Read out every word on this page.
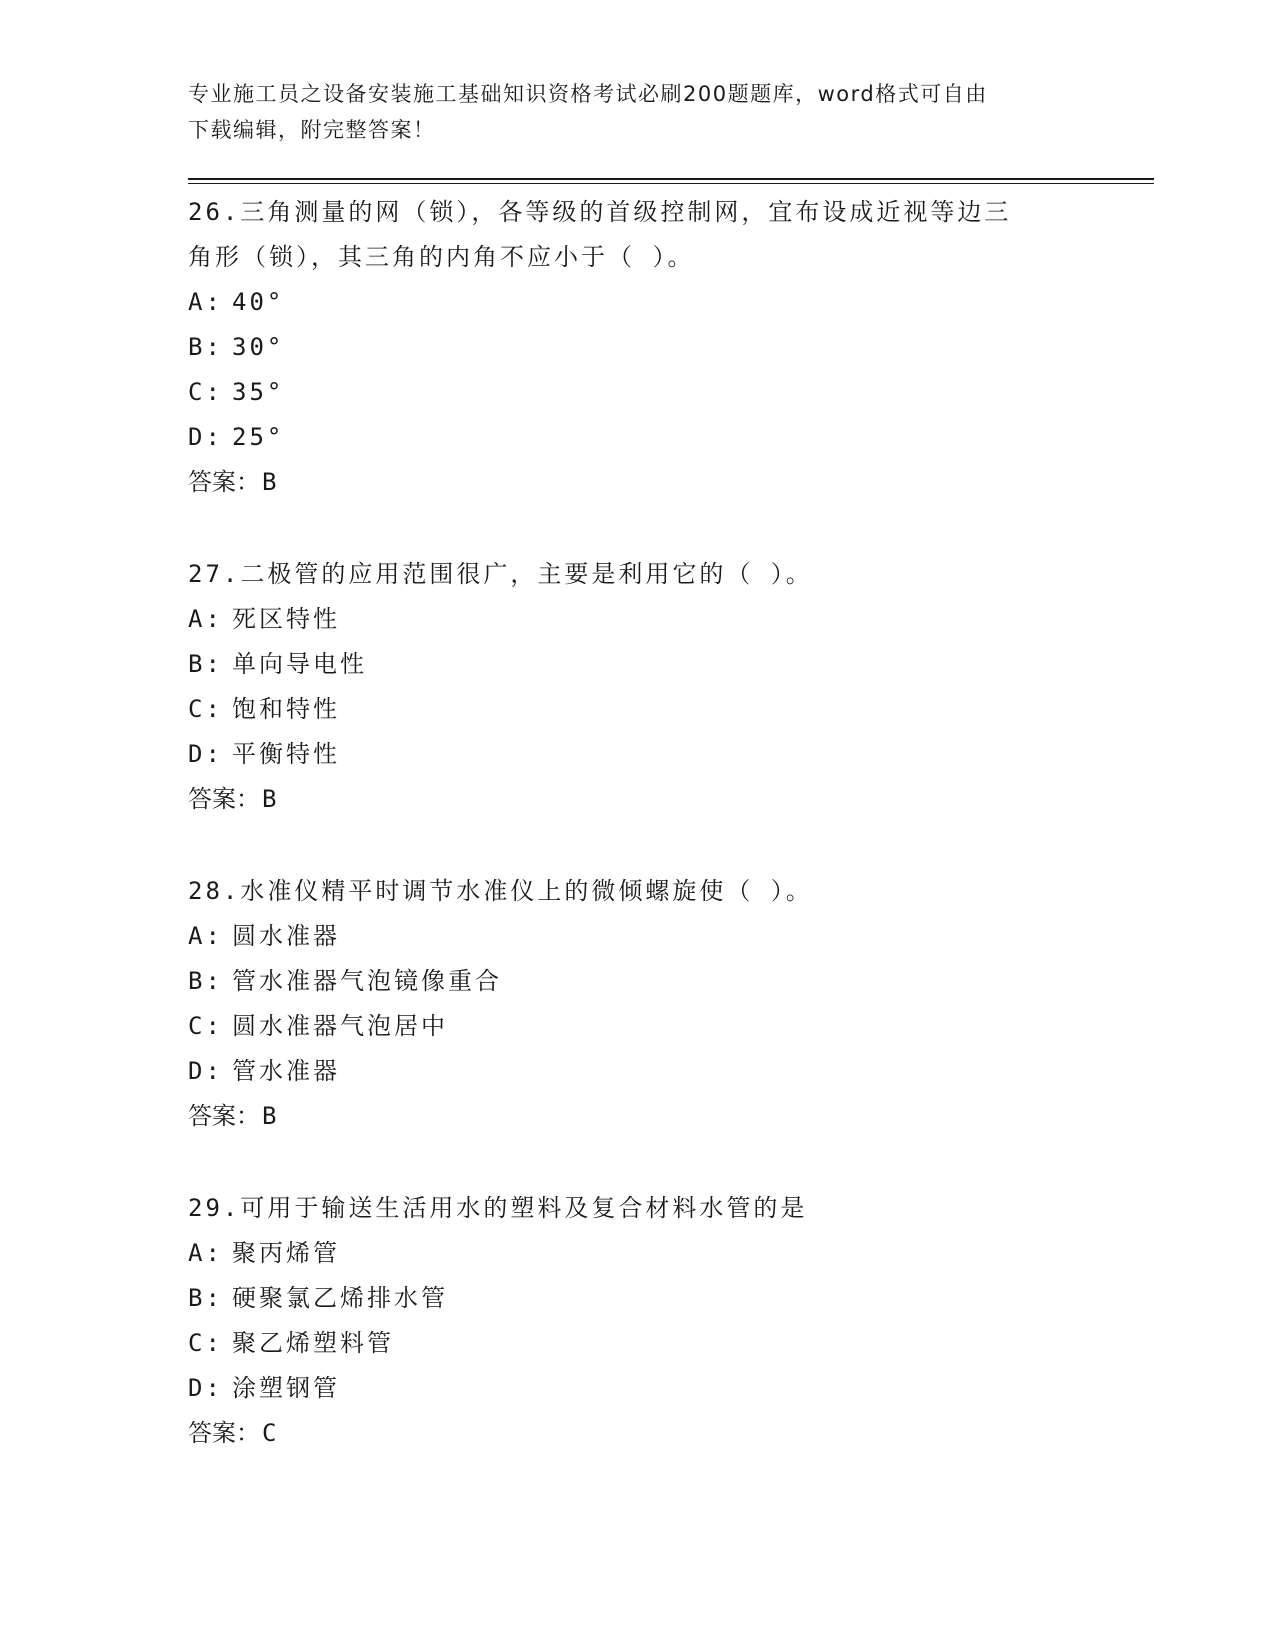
专业施工员之设备安装施工基础知识资格考试必刷200题题库，word格式可自由
下载编辑，附完整答案！

26.三角测量的网（锁），各等级的首级控制网，宜布设成近视等边三

角形（锁），其三角的内角不应小于（ ）。

A: 40°

B: 30°

C: 35°

D: 25°

答案：B

27.二极管的应用范围很广，主要是利用它的（ ）。

A: 死区特性

B: 单向导电性

C: 饱和特性

D: 平衡特性

答案：B

28.水准仪精平时调节水准仪上的微倾螺旋使（ ）。

A: 圆水准器

B: 管水准器气泡镜像重合

C: 圆水准器气泡居中

D: 管水准器

答案：B

29.可用于输送生活用水的塑料及复合材料水管的是

A: 聚丙烯管

B: 硬聚氯乙烯排水管

C: 聚乙烯塑料管

D: 涂塑钢管

答案：C
